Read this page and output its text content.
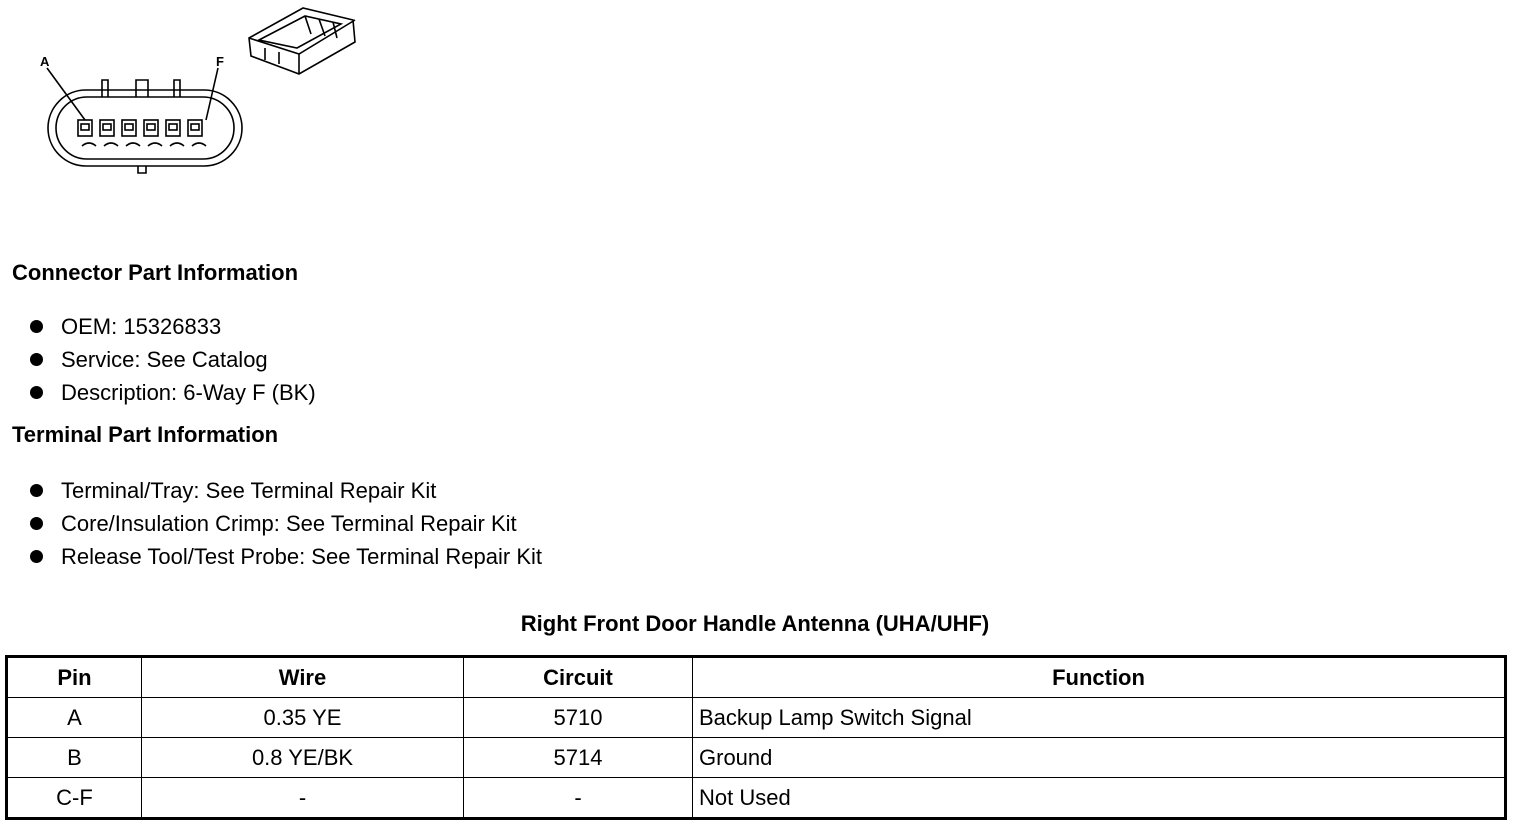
A	F
Connector Part Information
OEM: 15326833
Service: See Catalog
Description: 6-Way F (BK)
Terminal Part Information
Terminal/Tray: See Terminal Repair Kit
Core/Insulation Crimp: See Terminal Repair Kit
Release Tool/Test Probe: See Terminal Repair Kit
Right Front Door Handle Antenna (UHA/UHF)
Pin	Wire	Circuit	Function
A	0.35 YE	5710	Backup Lamp Switch Signal
B	0.8 YE/BK	5714	Ground
C-F	-	-	Not Used
